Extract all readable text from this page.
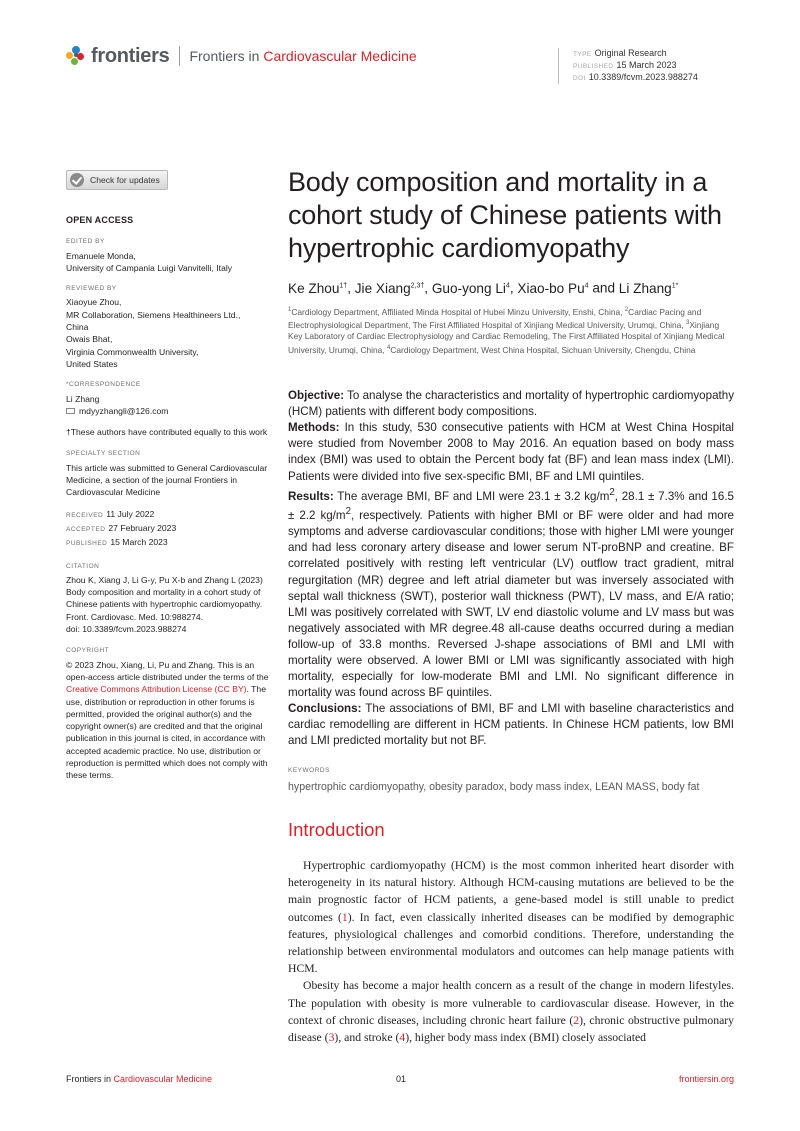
frontiers Frontiers in Cardiovascular Medicine	TYPE Original Research
PUBLISHED 15 March 2023
DOI 10.3389/fcvm.2023.988274
Check for updates
OPEN ACCESS
EDITED BY

Emanuele Monda,

University of Campania Luigi Vanvitelli, Italy

REVIEWED BY

Xiaoyue Zhou,

MR Collaboration, Siemens Healthineers Ltd.,

China

Owais Bhat,

Virginia Commonwealth University,

United States

*CORRESPONDENCE

Li Zhang

mdyyzhangli@126.com

†These authors have contributed equally to this work

SPECIALTY SECTION

This article was submitted to General Cardiovascular Medicine, a section of the journal Frontiers in Cardiovascular Medicine

RECEIVED 11 July 2022

ACCEPTED 27 February 2023

PUBLISHED 15 March 2023

CITATION

Zhou K, Xiang J, Li G-y, Pu X-b and Zhang L (2023) Body composition and mortality in a cohort study of Chinese patients with hypertrophic cardiomyopathy.

Front. Cardiovasc. Med. 10:988274.

doi: 10.3389/fcvm.2023.988274

COPYRIGHT

© 2023 Zhou, Xiang, Li, Pu and Zhang. This is an open-access article distributed under the terms of the Creative Commons Attribution License (CC BY). The use, distribution or reproduction in other forums is permitted, provided the original author(s) and the copyright owner(s) are credited and that the original publication in this journal is cited, in accordance with accepted academic practice. No use, distribution or reproduction is permitted which does not comply with these terms.

Body composition and mortality in a cohort study of Chinese patients with hypertrophic cardiomyopathy
Ke Zhou$^{1\dagger}$, Jie Xiang$^{2,3\dagger}$, Guo-yong Li$^4$, Xiao-bo Pu$^4$ and Li Zhang$^{1*}$
$^1$Cardiology Department, Affiliated Minda Hospital of Hubei Minzu University, Enshi, China, $^2$Cardiac Pacing and Electrophysiological Department, The First Affiliated Hospital of Xinjiang Medical University, Urumqi, China, $^3$Xinjiang Key Laboratory of Cardiac Electrophysiology and Cardiac Remodeling, The First Affiliated Hospital of Xinjiang Medical University, Urumqi, China, $^4$Cardiology Department, West China Hospital, Sichuan University, Chengdu, China

Objective: To analyse the characteristics and mortality of hypertrophic cardiomyopathy (HCM) patients with different body compositions.

Methods: In this study, 530 consecutive patients with HCM at West China Hospital were studied from November 2008 to May 2016. An equation based on body mass index (BMI) was used to obtain the Percent body fat (BF) and lean mass index (LMI). Patients were divided into five sex-specific BMI, BF and LMI quintiles.

Results: The average BMI, BF and LMI were 23.1 ± 3.2 $kg/m^2$, 28.1 ± 7.3% and 16.5 ± 2.2 $kg/m^2$, respectively. Patients with higher BMI or BF were older and had more symptoms and adverse cardiovascular conditions; those with higher LMI were younger and had less coronary artery disease and lower serum NT-proBNP and creatine. BF correlated positively with resting left ventricular (LV) outflow tract gradient, mitral regurgitation (MR) degree and left atrial diameter but was inversely associated with septal wall thickness (SWT), posterior wall thickness (PWT), LV mass, and E/A ratio; LMI was positively correlated with SWT, LV end diastolic volume and LV mass but was negatively associated with MR degree.48 all-cause deaths occurred during a median follow-up of 33.8 months. Reversed J-shape associations of BMI and LMI with mortality were observed. A lower BMI or LMI was significantly associated with high mortality, especially for low-moderate BMI and LMI. No significant difference in mortality was found across BF quintiles.

Conclusions: The associations of BMI, BF and LMI with baseline characteristics and cardiac remodelling are different in HCM patients. In Chinese HCM patients, low BMI and LMI predicted mortality but not BF.

KEYWORDS
hypertrophic cardiomyopathy, obesity paradox, body mass index, LEAN MASS, body fat
Introduction

Hypertrophic cardiomyopathy (HCM) is the most common inherited heart disorder with heterogeneity in its natural history. Although HCM-causing mutations are believed to be the main prognostic factor of HCM patients, a gene-based model is still unable to predict outcomes (1). In fact, even classically inherited diseases can be modified by demographic features, physiological challenges and comorbid conditions. Therefore, understanding the relationship between environmental modulators and outcomes can help manage patients with HCM.

Obesity has become a major health concern as a result of the change in modern lifestyles. The population with obesity is more vulnerable to cardiovascular disease. However, in the context of chronic diseases, including chronic heart failure (2), chronic obstructive pulmonary disease (3), and stroke (4), higher body mass index (BMI) closely associated

Frontiers in Cardiovascular Medicine	01	frontiersin.org
